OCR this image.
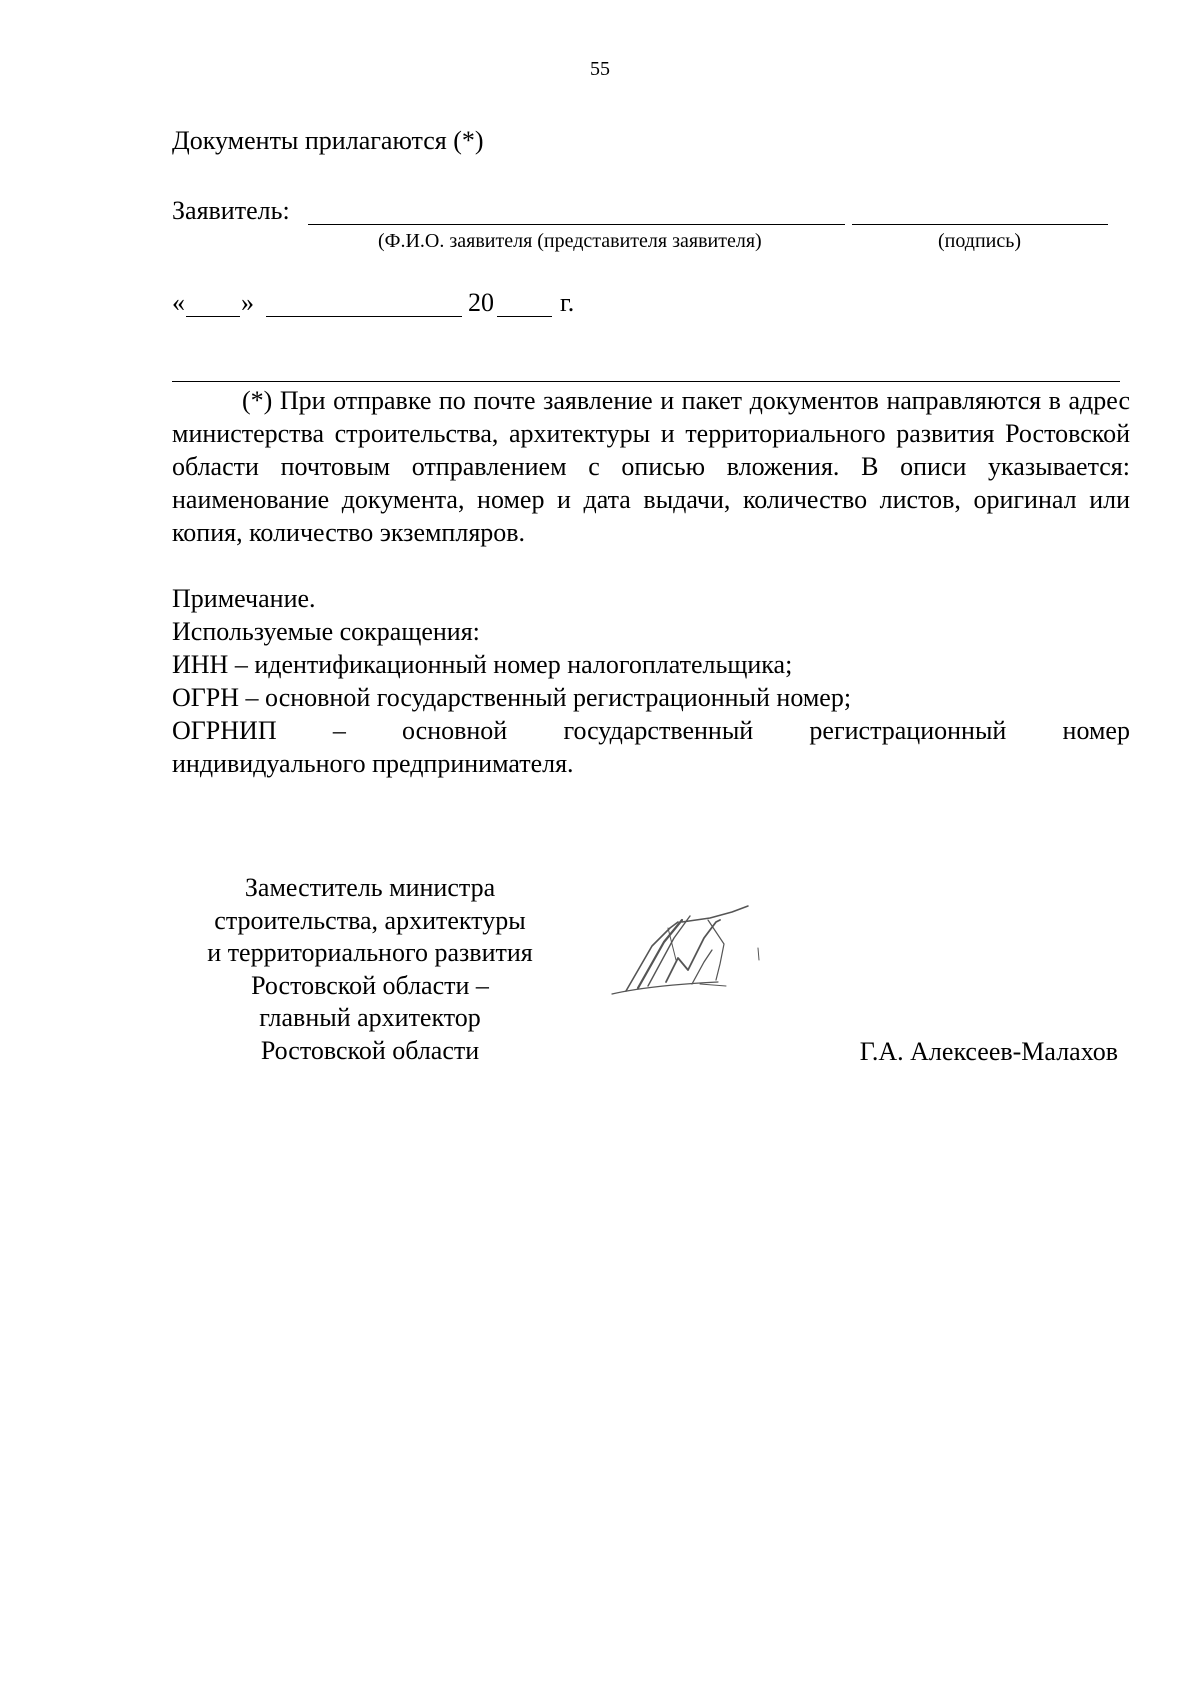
55
Документы прилагаются (*)
Заявитель:
(Ф.И.О. заявителя (представителя заявителя)	(подпись)
« »	20	г.
(*) При отправке по почте заявление и пакет документов направляются в адрес министерства строительства, архитектуры и территориального развития Ростовской области почтовым отправлением с описью вложения. В описи указывается: наименование документа, номер и дата выдачи, количество листов, оригинал или копия, количество экземпляров.
Примечание.
Используемые сокращения:
ИНН – идентификационный номер налогоплательщика;
ОГРН – основной государственный регистрационный номер;
ОГРНИП – основной государственный регистрационный номер
индивидуального предпринимателя.
Заместитель министра
строительства, архитектуры
и территориального развития
Ростовской области –
главный архитектор
Ростовской области	Г.А. Алексеев-Малахов
